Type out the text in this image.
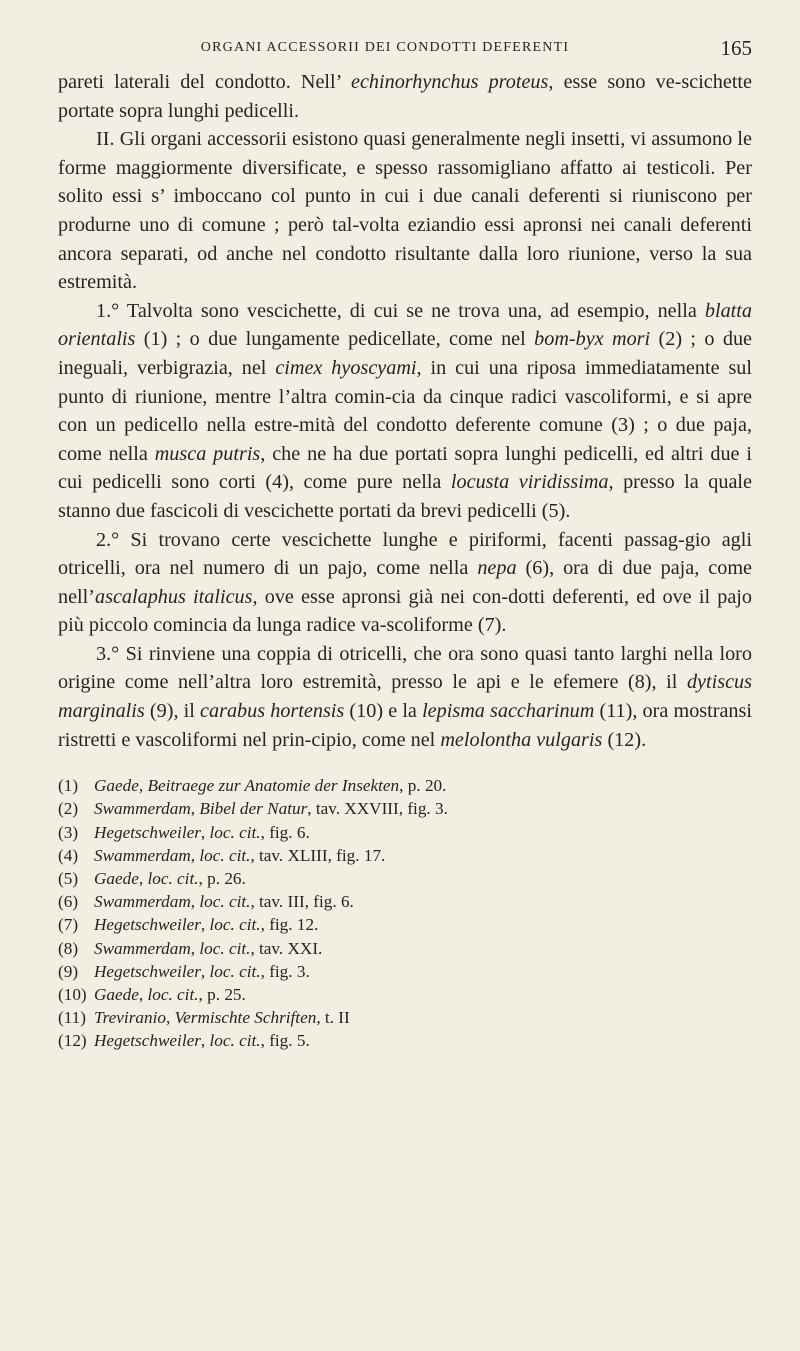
ORGANI ACCESSORII DEI CONDOTTI DEFERENTI	165

pareti laterali del condotto. Nell’ echinorhynchus proteus, esse sono ve-scichette portate sopra lunghi pedicelli.

II. Gli organi accessorii esistono quasi generalmente negli insetti, vi assumono le forme maggiormente diversificate, e spesso rassomigliano affatto ai testicoli. Per solito essi s’ imboccano col punto in cui i due canali deferenti si riuniscono per produrne uno di comune ; però tal-volta eziandio essi apronsi nei canali deferenti ancora separati, od anche nel condotto risultante dalla loro riunione, verso la sua estremità.

1.° Talvolta sono vescichette, di cui se ne trova una, ad esempio, nella blatta orientalis (1) ; o due lungamente pedicellate, come nel bom-byx mori (2) ; o due ineguali, verbigrazia, nel cimex hyoscyami, in cui una riposa immediatamente sul punto di riunione, mentre l’altra comin-cia da cinque radici vascoliformi, e si apre con un pedicello nella estre-mità del condotto deferente comune (3) ; o due paja, come nella musca putris, che ne ha due portati sopra lunghi pedicelli, ed altri due i cui pedicelli sono corti (4), come pure nella locusta viridissima, presso la quale stanno due fascicoli di vescichette portati da brevi pedicelli (5).

2.° Si trovano certe vescichette lunghe e piriformi, facenti passag-gio agli otricelli, ora nel numero di un pajo, come nella nepa (6), ora di due paja, come nell’ascalaphus italicus, ove esse apronsi già nei con-dotti deferenti, ed ove il pajo più piccolo comincia da lunga radice va-scoliforme (7).

3.° Si rinviene una coppia di otricelli, che ora sono quasi tanto larghi nella loro origine come nell’altra loro estremità, presso le api e le efemere (8), il dytiscus marginalis (9), il carabus hortensis (10) e la lepisma saccharinum (11), ora mostransi ristretti e vascoliformi nel prin-cipio, come nel melolontha vulgaris (12).

(1) Gaede, Beitraege zur Anatomie der Insekten, p. 20.
(2) Swammerdam, Bibel der Natur, tav. XXVIII, fig. 3.
(3) Hegetschweiler, loc. cit., fig. 6.
(4) Swammerdam, loc. cit., tav. XLIII, fig. 17.
(5) Gaede, loc. cit., p. 26.
(6) Swammerdam, loc. cit., tav. III, fig. 6.
(7) Hegetschweiler, loc. cit., fig. 12.
(8) Swammerdam, loc. cit., tav. XXI.
(9) Hegetschweiler, loc. cit., fig. 3.
(10) Gaede, loc. cit., p. 25.
(11) Treviranio, Vermischte Schriften, t. II
(12) Hegetschweiler, loc. cit., fig. 5.
